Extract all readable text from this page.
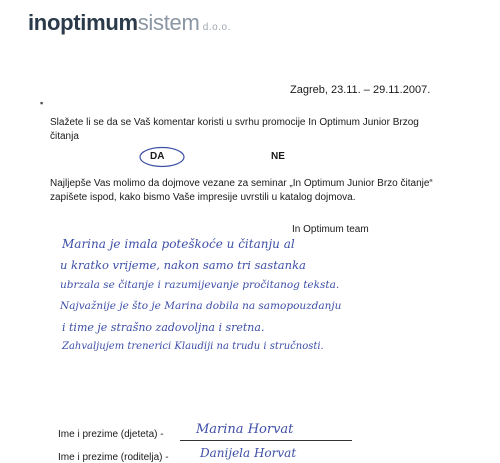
inoptimumsistem d.o.o.
Zagreb, 23.11. – 29.11.2007.
▪
Slažete li se da se Vaš komentar koristi u svrhu promocije In Optimum Junior Brzog čitanja
DA	NE
Najljepše Vas molimo da dojmove vezane za seminar „In Optimum Junior Brzo čitanje“ zapišete ispod, kako bismo Vaše impresije uvrstili u katalog dojmova.
In Optimum team
Marina je imala poteškoće u čitanju al
u kratko vrijeme, nakon samo tri sastanka
ubrzala se čitanje i razumijevanje pročitanog teksta.
Najvažnije je što je Marina dobila na samopouzdanju
i time je strašno zadovoljna i sretna.
Zahvaljujem trenerici Klaudiji na trudu i stručnosti.
Ime i prezime (djeteta) - Marina Horvat
Ime i prezime (roditelja) -	Danijela Horvat
